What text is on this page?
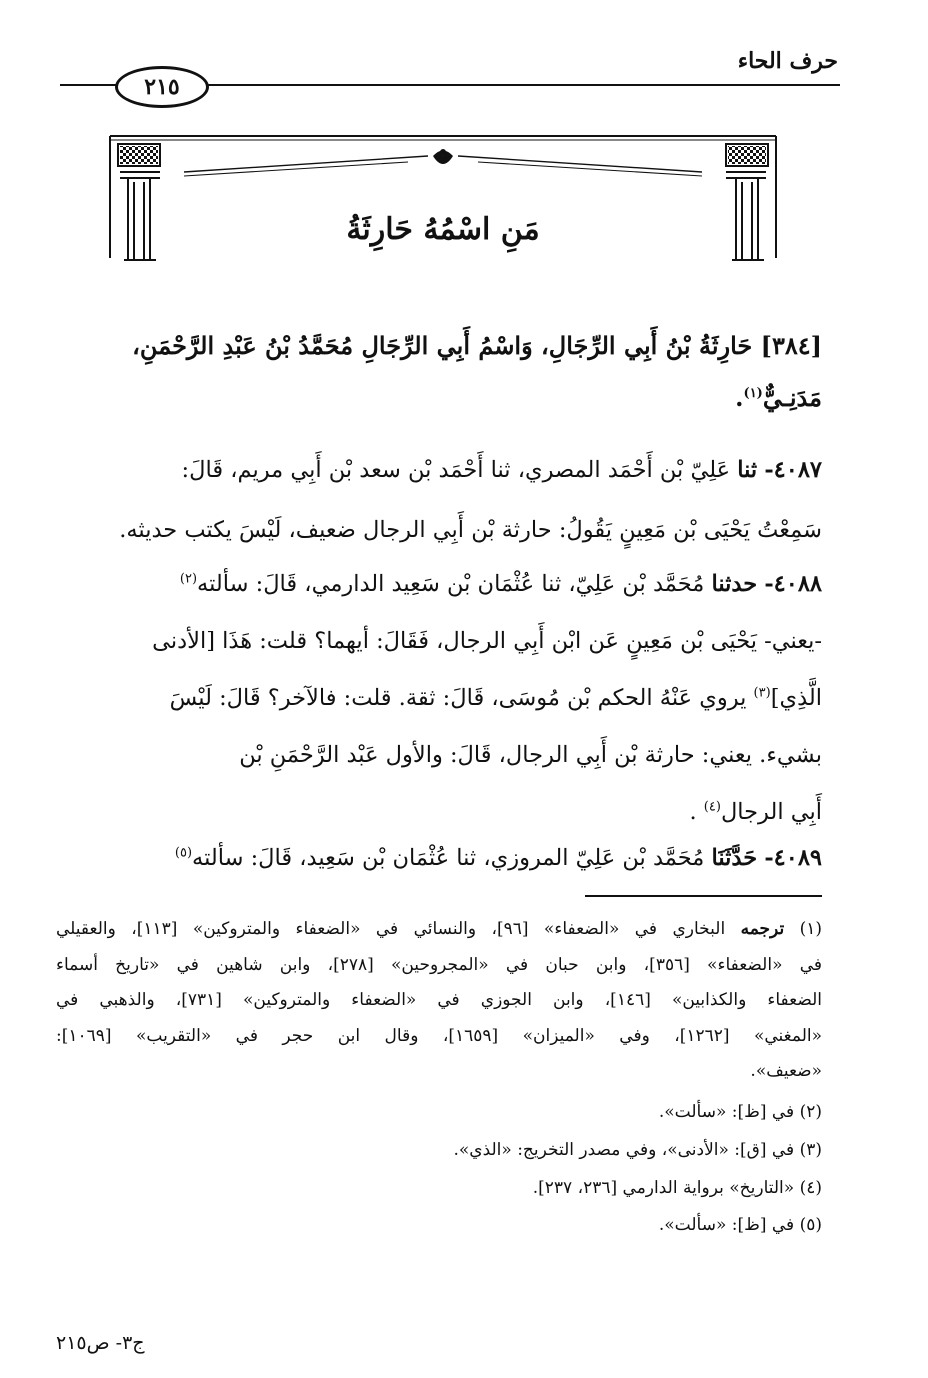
حرف الحاء
٢١٥
مَنِ اسْمُهُ حَارِثَةُ
[٣٨٤] حَارِثَةُ بْنُ أَبِي الرِّجَالِ، وَاسْمُ أَبِي الرِّجَالِ مُحَمَّدُ بْنُ عَبْدِ الرَّحْمَنِ،
مَدَنِـيٌّ$^{(١)}$.
٤٠٨٧- ثنا عَلِيّ بْن أَحْمَد المصري، ثنا أَحْمَد بْن سعد بْن أَبِي مريم، قَالَ:
سَمِعْتُ يَحْيَى بْن مَعِينٍ يَقُولُ: حارثة بْن أَبِي الرجال ضعيف، لَيْسَ يكتب حديثه.
٤٠٨٨- حدثنا مُحَمَّد بْن عَلِيّ، ثنا عُثْمَان بْن سَعِيد الدارمي، قَالَ: سألته$^{(٢)}$
-يعني- يَحْيَى بْن مَعِينٍ عَن ابْن أَبِي الرجال، فَقَالَ: أيهما؟ قلت: هَذَا [الأدنى
الَّذِي]$^{(٣)}$ يروي عَنْهُ الحكم بْن مُوسَى، قَالَ: ثقة. قلت: فالآخر؟ قَالَ: لَيْسَ
بشيء. يعني: حارثة بْن أَبِي الرجال، قَالَ: والأول عَبْد الرَّحْمَنِ بْن
أَبِي الرجال$^{(٤)}$ .
٤٠٨٩- حَدَّثَنَا مُحَمَّد بْن عَلِيّ المروزي، ثنا عُثْمَان بْن سَعِيد، قَالَ: سألته$^{(٥)}$
(١) ترجمه البخاري في «الضعفاء» [٩٦]، والنسائي في «الضعفاء والمتروكين» [١١٣]، والعقيلي
في «الضعفاء» [٣٥٦]، وابن حبان في «المجروحين» [٢٧٨]، وابن شاهين في «تاريخ أسماء
الضعفاء والكذابين» [١٤٦]، وابن الجوزي في «الضعفاء والمتروكين» [٧٣١]، والذهبي في
«المغني» [١٢٦٢]، وفي «الميزان» [١٦٥٩]، وقال ابن حجر في «التقريب» [١٠٦٩]:
«ضعيف».
(٢) في [ظ]: «سألت».
(٣) في [ق]: «الأدنى»، وفي مصدر التخريج: «الذي».
(٤) «التاريخ» برواية الدارمي [٢٣٦، ٢٣٧].
(٥) في [ظ]: «سألت».
ج٣- ص٢١٥
